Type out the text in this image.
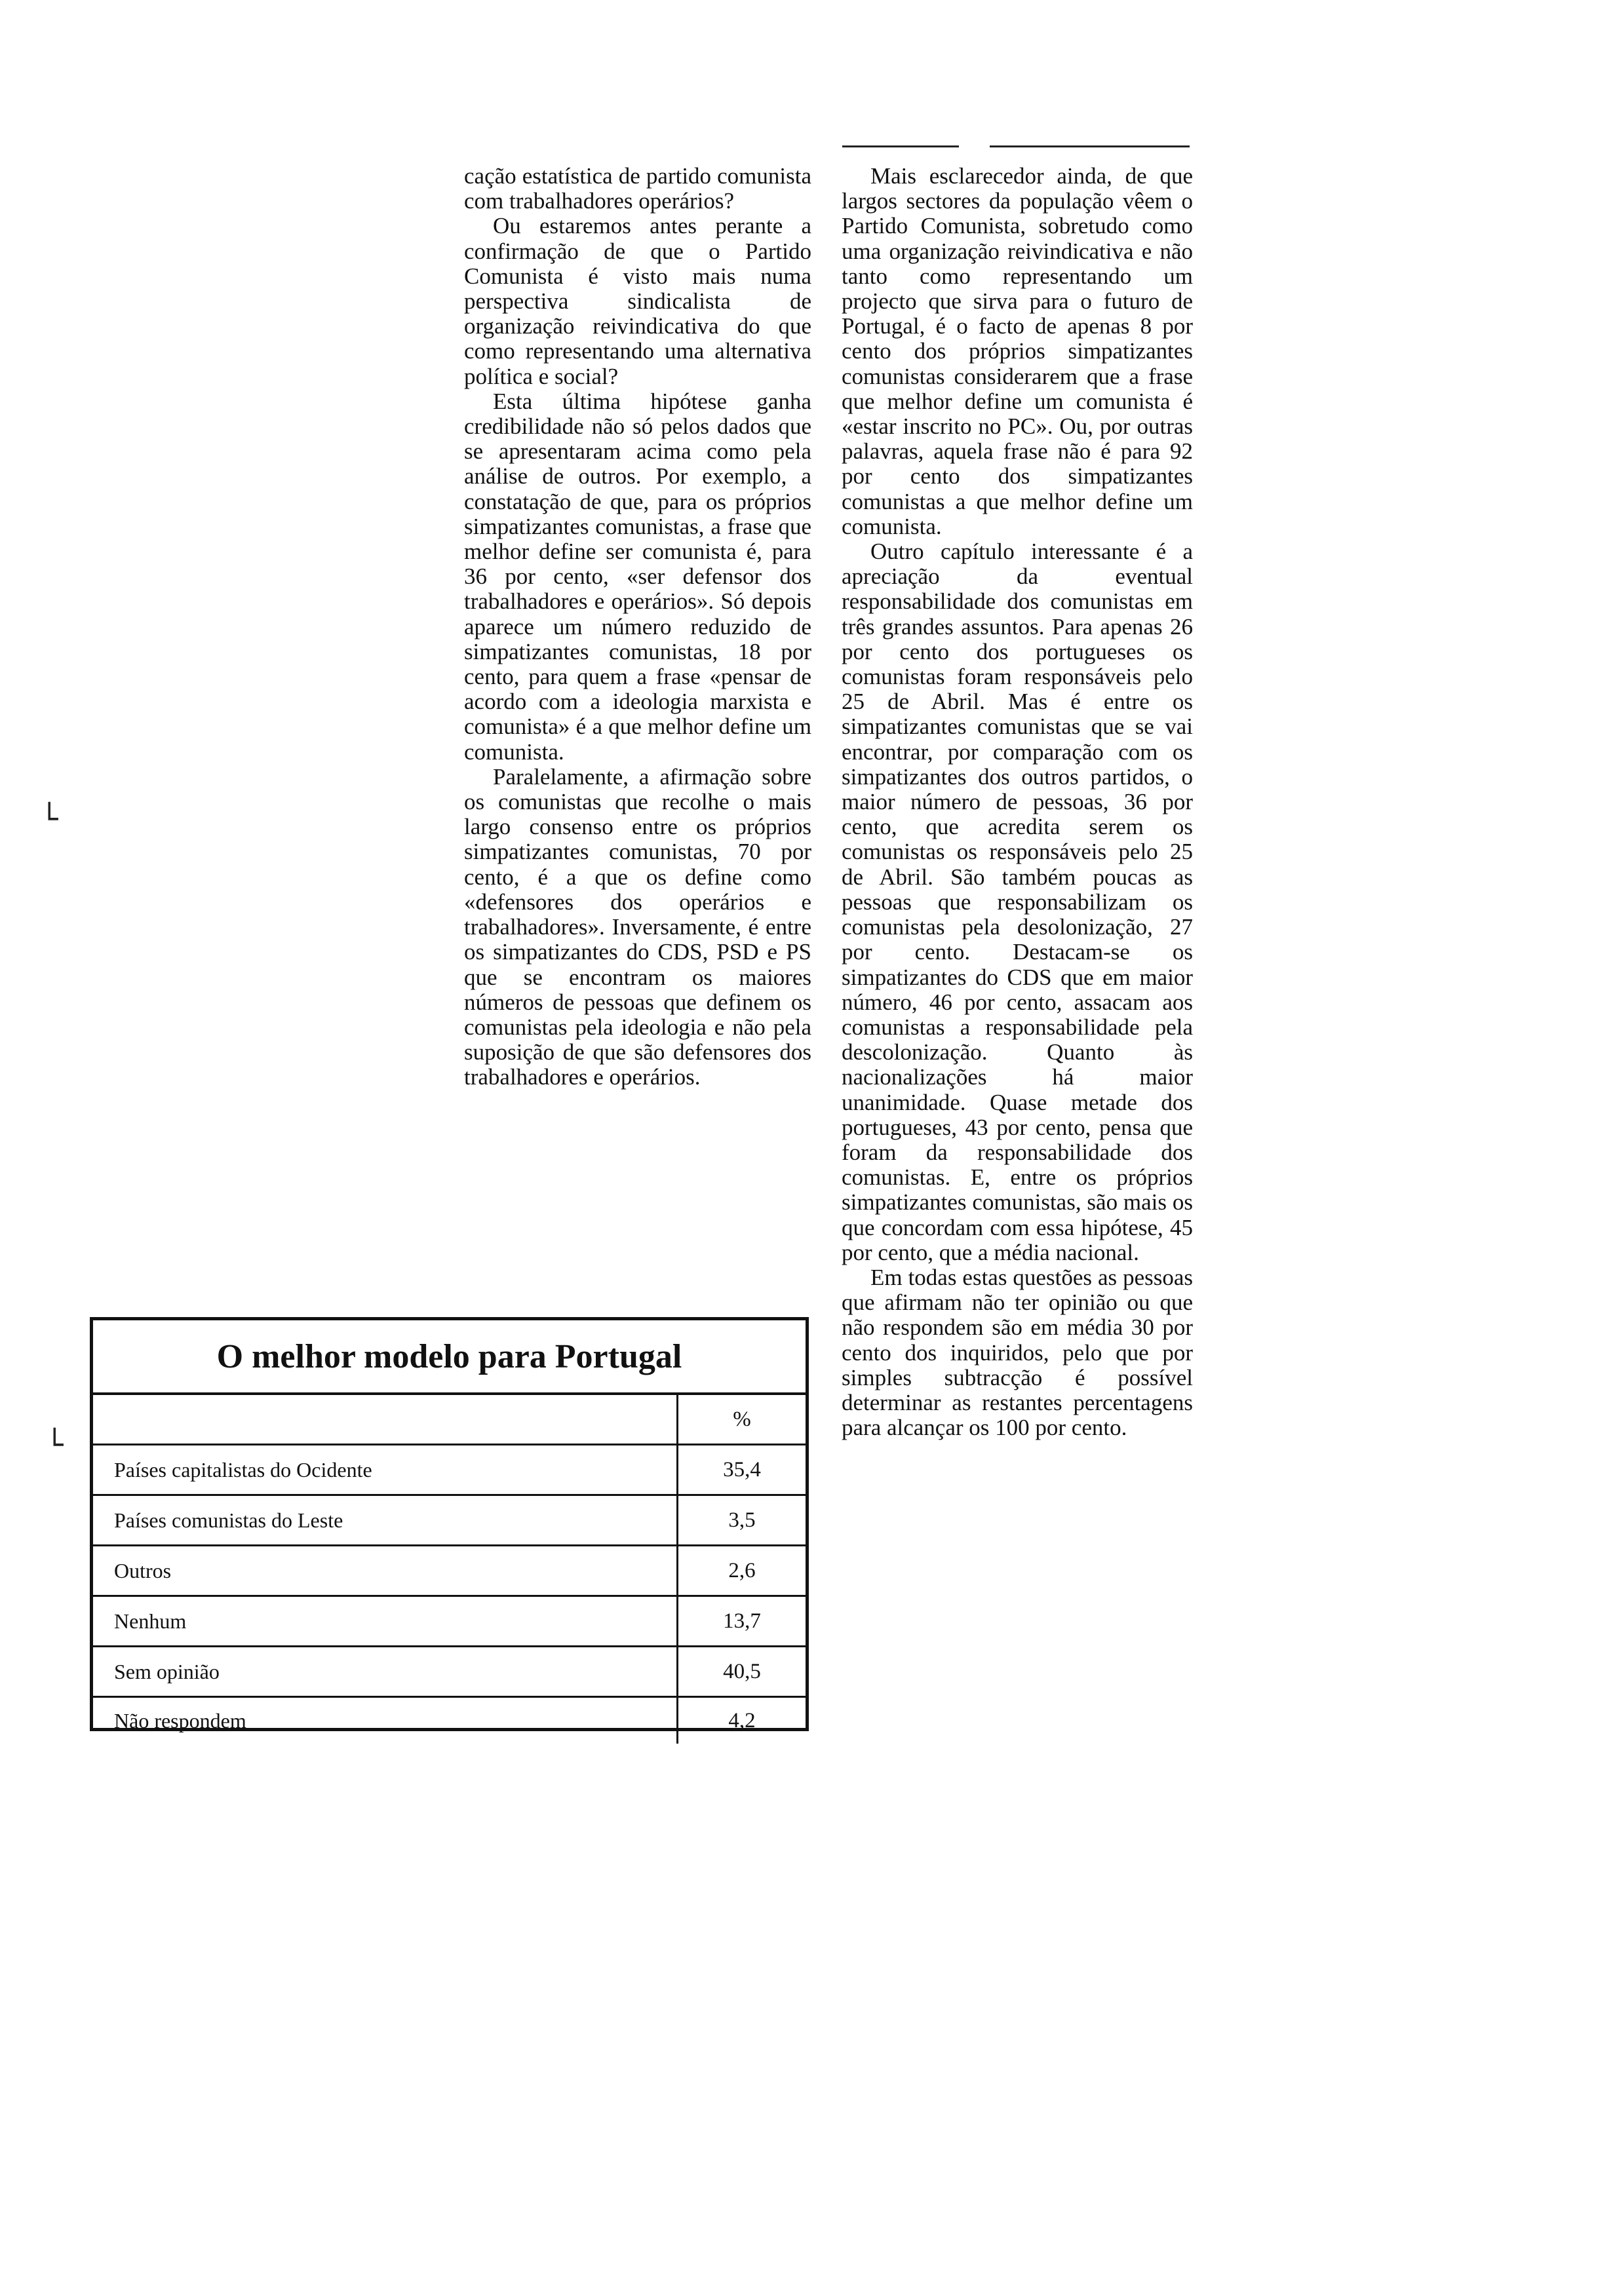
└
└

cação estatística de partido comunista com trabalhadores operários?

Ou estaremos antes perante a confirmação de que o Partido Comunista é visto mais numa perspectiva sindicalista de organização reivindicativa do que como representando uma alternativa política e social?

Esta última hipótese ganha credibilidade não só pelos dados que se apresentaram acima como pela análise de outros. Por exemplo, a constatação de que, para os próprios simpatizantes comunistas, a frase que melhor define ser comunista é, para 36 por cento, «ser defensor dos trabalhadores e operários». Só depois aparece um número reduzido de simpatizantes comunistas, 18 por cento, para quem a frase «pensar de acordo com a ideologia marxista e comunista» é a que melhor define um comunista.

Paralelamente, a afirmação sobre os comunistas que recolhe o mais largo consenso entre os próprios simpatizantes comunistas, 70 por cento, é a que os define como «defensores dos operários e trabalhadores». Inversamente, é entre os simpatizantes do CDS, PSD e PS que se encontram os maiores números de pessoas que definem os comunistas pela ideologia e não pela suposição de que são defensores dos trabalhadores e operários.

Mais esclarecedor ainda, de que largos sectores da população vêem o Partido Comunista, sobretudo como uma organização reivindicativa e não tanto como representando um projecto que sirva para o futuro de Portugal, é o facto de apenas 8 por cento dos próprios simpatizantes comunistas considerarem que a frase que melhor define um comunista é «estar inscrito no PC». Ou, por outras palavras, aquela frase não é para 92 por cento dos simpatizantes comunistas a que melhor define um comunista.

Outro capítulo interessante é a apreciação da eventual responsabilidade dos comunistas em três grandes assuntos. Para apenas 26 por cento dos portugueses os comunistas foram responsáveis pelo 25 de Abril. Mas é entre os simpatizantes comunistas que se vai encontrar, por comparação com os simpatizantes dos outros partidos, o maior número de pessoas, 36 por cento, que acredita serem os comunistas os responsáveis pelo 25 de Abril. São também poucas as pessoas que responsabilizam os comunistas pela desolonização, 27 por cento. Destacam-se os simpatizantes do CDS que em maior número, 46 por cento, assacam aos comunistas a responsabilidade pela descolonização. Quanto às nacionalizações há maior unanimidade. Quase metade dos portugueses, 43 por cento, pensa que foram da responsabilidade dos comunistas. E, entre os próprios simpatizantes comunistas, são mais os que concordam com essa hipótese, 45 por cento, que a média nacional.

Em todas estas questões as pessoas que afirmam não ter opinião ou que não respondem são em média 30 por cento dos inquiridos, pelo que por simples subtracção é possível determinar as restantes percentagens para alcançar os 100 por cento.

O melhor modelo para Portugal
%
Países capitalistas do Ocidente	35,4
Países comunistas do Leste	3,5
Outros	2,6
Nenhum	13,7
Sem opinião	40,5
Não respondem	4,2
